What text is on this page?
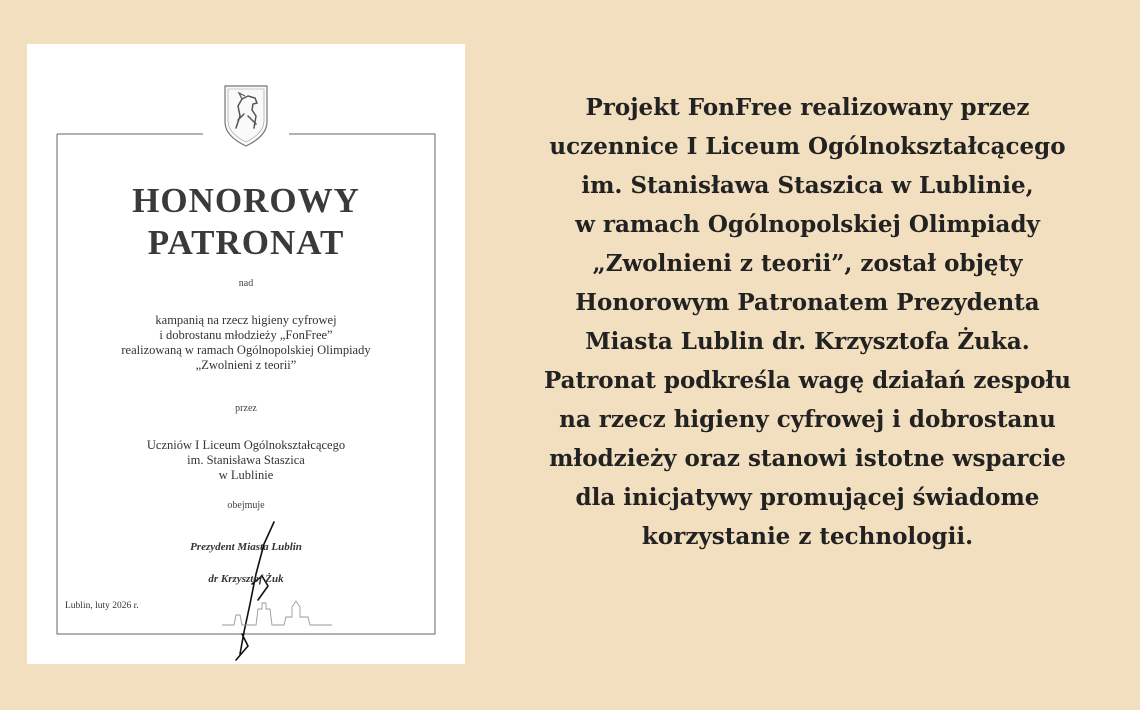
HONOROWY
PATRONAT
nad
kampanią na rzecz higieny cyfrowej
i dobrostanu młodzieży „FonFree”
realizowaną w ramach Ogólnopolskiej Olimpiady
„Zwolnieni z teorii”
przez
Uczniów I Liceum Ogólnokształcącego
im. Stanisława Staszica
w Lublinie
obejmuje
Prezydent Miasta Lublin
dr Krzysztof Żuk
Lublin, luty 2026 r.
Projekt FonFree realizowany przez
uczennice I Liceum Ogólnokształcącego
im. Stanisława Staszica w Lublinie,
w ramach Ogólnopolskiej Olimpiady
„Zwolnieni z teorii”, został objęty
Honorowym Patronatem Prezydenta
Miasta Lublin dr. Krzysztofa Żuka.
Patronat podkreśla wagę działań zespołu
na rzecz higieny cyfrowej i dobrostanu
młodzieży oraz stanowi istotne wsparcie
dla inicjatywy promującej świadome
korzystanie z technologii.
